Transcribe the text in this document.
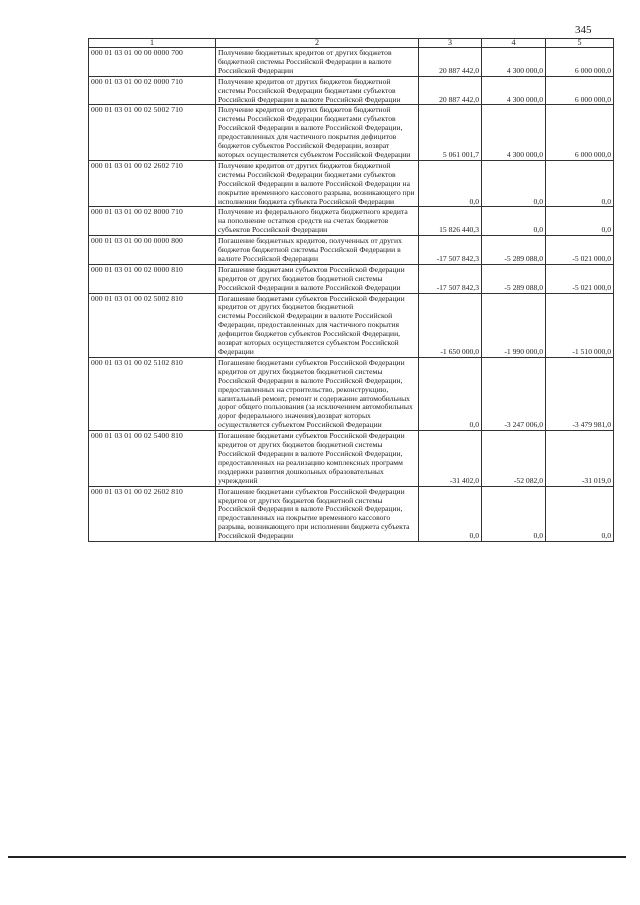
345
1	2	3	4	5
000 01 03 01 00 00 0000 700	Получение бюджетных кредитов от других бюджетов бюджетной системы Российской Федерации в валюте Российской Федерации	20 887 442,0	4 300 000,0	6 000 000,0
000 01 03 01 00 02 0000 710	Получение кредитов от других бюджетов бюджетной системы Российской Федерации бюджетами субъектов Российской Федерации в валюте Российской Федерации	20 887 442,0	4 300 000,0	6 000 000,0
000 01 03 01 00 02 5002 710	Получение кредитов от других бюджетов бюджетной системы Российской Федерации бюджетами субъектов Российской Федерации в валюте Российской Федерации, предоставленных для частичного покрытия дефицитов бюджетов субъектов Российской Федерации, возврат которых осуществляется субъектом Российской Федерации	5 061 001,7	4 300 000,0	6 000 000,0
000 01 03 01 00 02 2602 710	Получение кредитов от других бюджетов бюджетной системы Российской Федерации бюджетами субъектов Российской Федерации в валюте Российской Федерации на покрытие временного кассового разрыва, возникающего при исполнении бюджета субъекта Российской Федерации	0,0	0,0	0,0
000 01 03 01 00 02 8000 710	Получение из федерального бюджета бюджетного кредита на пополнение остатков средств на счетах бюджетов субъектов Российской Федерации	15 826 440,3	0,0	0,0
000 01 03 01 00 00 0000 800	Погашение бюджетных кредитов, полученных от других бюджетов бюджетной системы Российской Федерации в валюте Российской Федерации	-17 507 842,3	-5 289 088,0	-5 021 000,0
000 01 03 01 00 02 0000 810	Погашение бюджетами субъектов Российской Федерации кредитов от других бюджетов бюджетной системы Российской Федерации в валюте Российской Федерации	-17 507 842,3	-5 289 088,0	-5 021 000,0
000 01 03 01 00 02 5002 810	Погашение бюджетами субъектов Российской Федерации кредитов от других бюджетов бюджетной
системы Российской Федерации в валюте Российской Федерации, предоставленных для частичного покрытия дефицитов бюджетов субъектов Российской Федерации, возврат которых осуществляется субъектом Российской Федерации	-1 650 000,0	-1 990 000,0	-1 510 000,0
000 01 03 01 00 02 5102 810	Погашение бюджетами субъектов Российской Федерации кредитов от других бюджетов бюджетной системы Российской Федерации в валюте Российской Федерации, предоставленных на строительство, реконструкцию, капитальный ремонт, ремонт и содержание автомобильных дорог общего пользования (за исключением автомобильных дорог федерального значения),возврат которых осуществляется субъектом Российской Федерации	0,0	-3 247 006,0	-3 479 981,0
000 01 03 01 00 02 5400 810	Погашение бюджетами субъектов Российской Федерации кредитов от других бюджетов бюджетной системы Российской Федерации в валюте Российской Федерации, предоставленных на реализацию комплексных программ поддержки развития дошкольных образовательных учреждений	-31 402,0	-52 082,0	-31 019,0
000 01 03 01 00 02 2602 810	Погашение бюджетами субъектов Российской Федерации кредитов от других бюджетов бюджетной системы Российской Федерации в валюте Российской Федерации, предоставленных на покрытие временного кассового разрыва, возникающего при исполнении бюджета субъекта Российской Федерации	0,0	0,0	0,0
